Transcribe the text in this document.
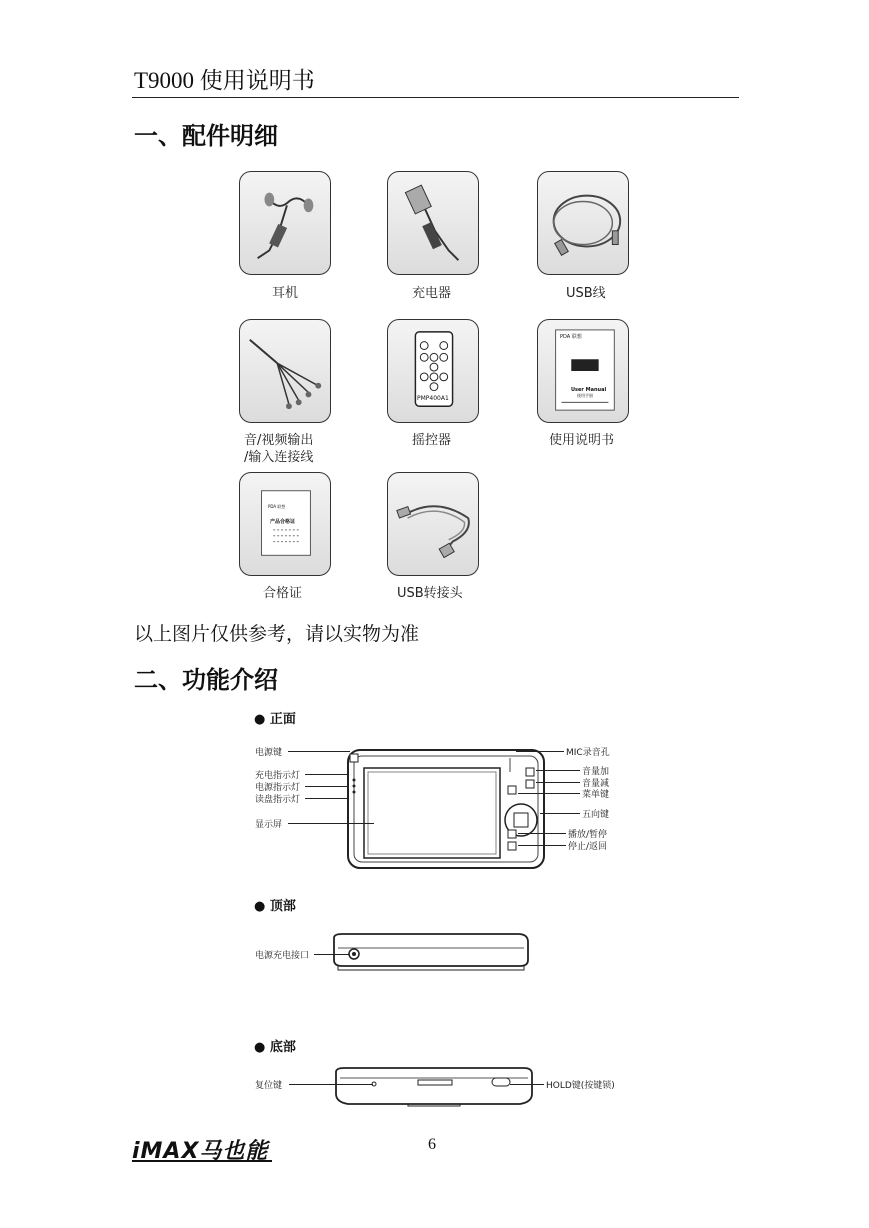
T9000 使用说明书
一、配件明细
耳机	充电器	USB线
PMP400A1
PDA 联想
User Manual
使用手册
音/视频输出
/输入连接线
摇控器	使用说明书
PDA 联想
产品合格证
合格证	USB转接头
以上图片仅供参考，请以实物为准
二、功能介绍
● 正面
电源键
充电指示灯
电源指示灯
读盘指示灯
显示屏
MIC录音孔
音量加
音量减
菜单键
五向键
播放/暂停
停止/返回
● 顶部
电源充电接口
● 底部
复位键	HOLD键(按键锁)
iMAX马也能	6
